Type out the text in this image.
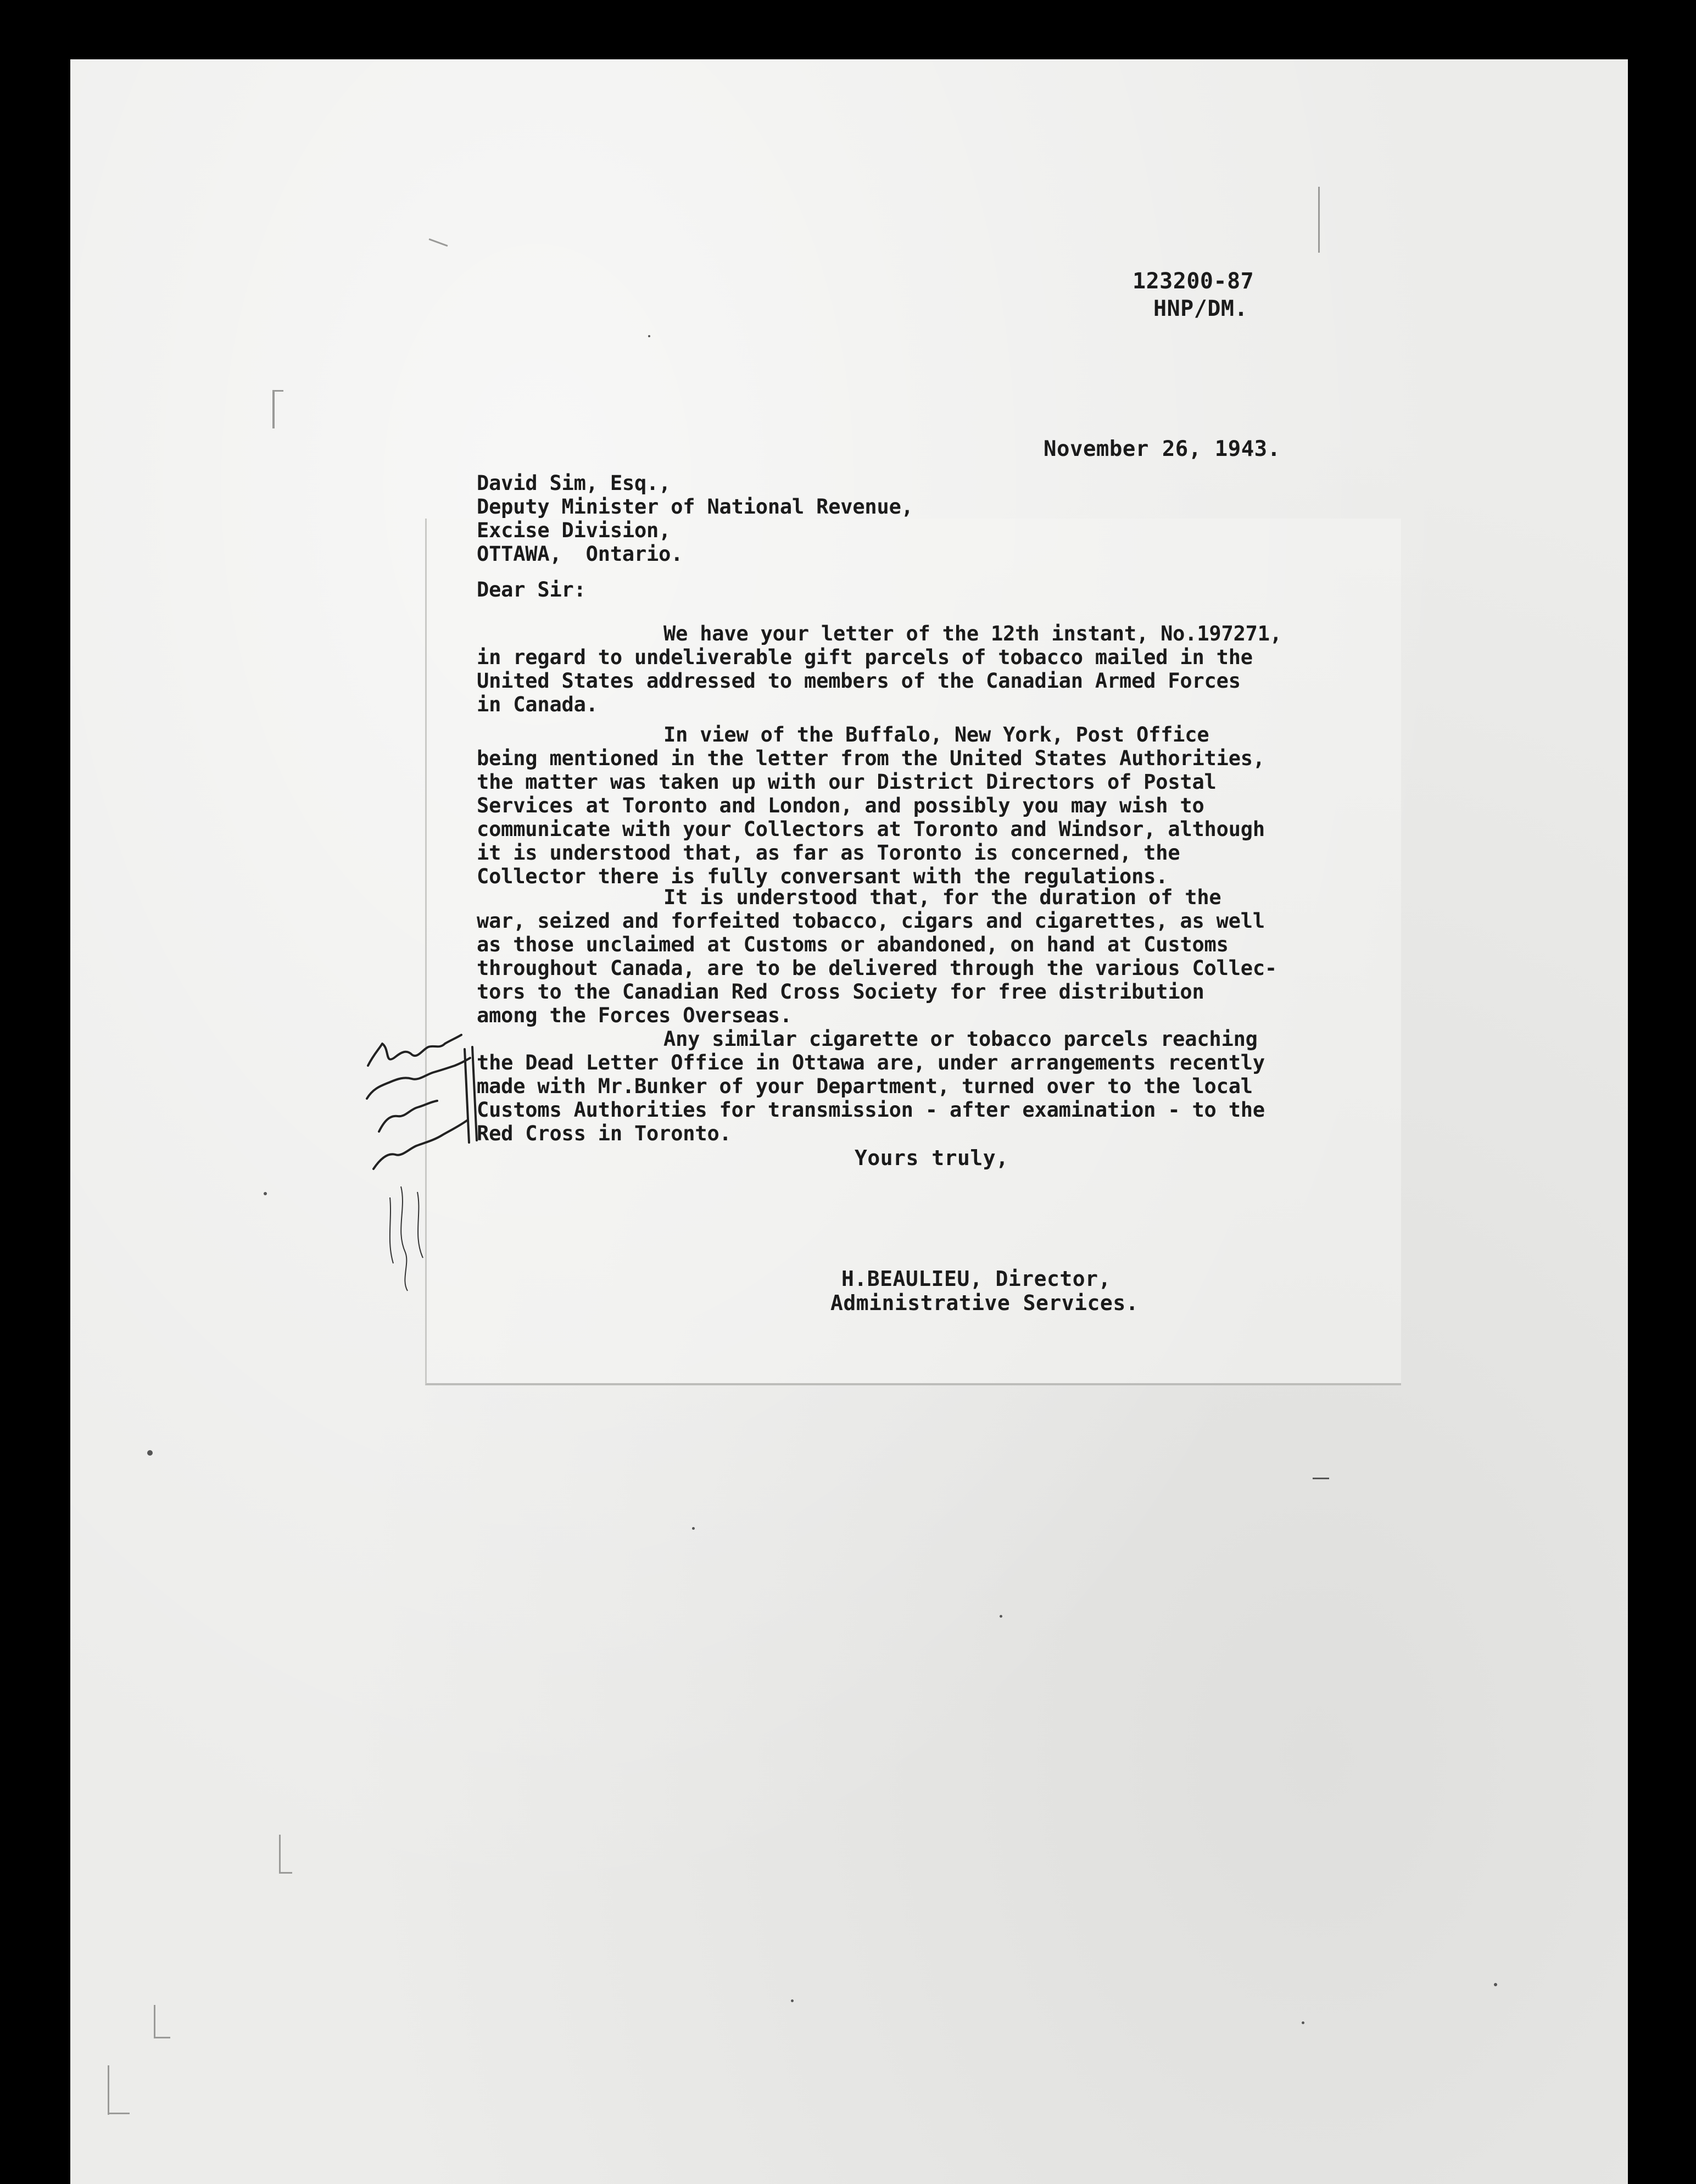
123200-87
HNP/DM.
November 26, 1943.
David Sim, Esq.,
Deputy Minister of National Revenue,
Excise Division,
OTTAWA,  Ontario.
Dear Sir:
We have your letter of the 12th instant, No.197271,
in regard to undeliverable gift parcels of tobacco mailed in the
United States addressed to members of the Canadian Armed Forces
in Canada.
In view of the Buffalo, New York, Post Office
being mentioned in the letter from the United States Authorities,
the matter was taken up with our District Directors of Postal
Services at Toronto and London, and possibly you may wish to
communicate with your Collectors at Toronto and Windsor, although
it is understood that, as far as Toronto is concerned, the
Collector there is fully conversant with the regulations.
It is understood that, for the duration of the
war, seized and forfeited tobacco, cigars and cigarettes, as well
as those unclaimed at Customs or abandoned, on hand at Customs
throughout Canada, are to be delivered through the various Collec-
tors to the Canadian Red Cross Society for free distribution
among the Forces Overseas.
Any similar cigarette or tobacco parcels reaching
the Dead Letter Office in Ottawa are, under arrangements recently
made with Mr.Bunker of your Department, turned over to the local
Customs Authorities for transmission - after examination - to the
Red Cross in Toronto.
Yours truly,
H.BEAULIEU, Director,
Administrative Services.
